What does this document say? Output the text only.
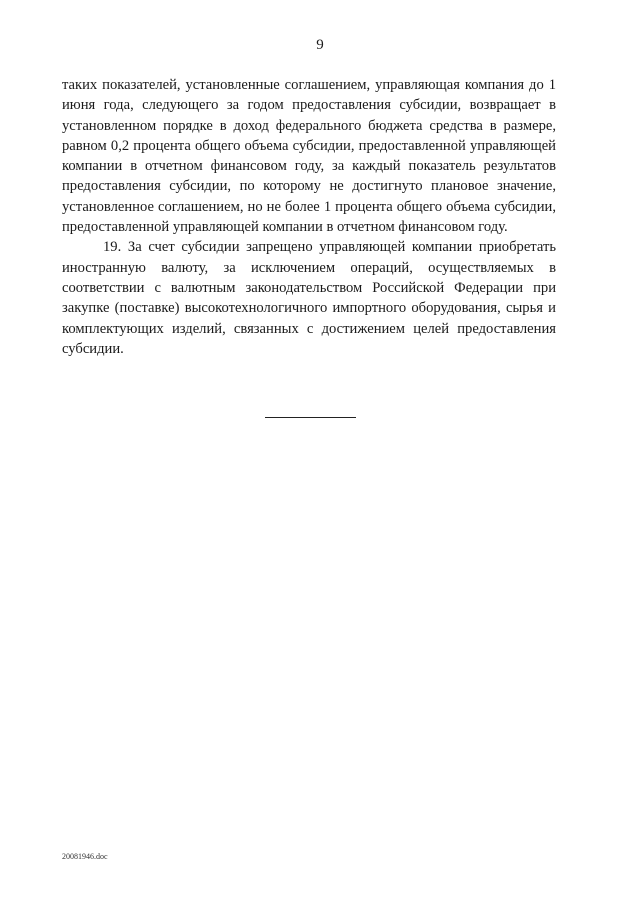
9

таких показателей, установленные соглашением, управляющая компания до 1 июня года, следующего за годом предоставления субсидии, возвращает в установленном порядке в доход федерального бюджета средства в размере, равном 0,2 процента общего объема субсидии, предоставленной управляющей компании в отчетном финансовом году, за каждый показатель результатов предоставления субсидии, по которому не достигнуто плановое значение, установленное соглашением, но не более 1 процента общего объема субсидии, предоставленной управляющей компании в отчетном финансовом году.

19. За счет субсидии запрещено управляющей компании приобретать иностранную валюту, за исключением операций, осуществляемых в соответствии с валютным законодательством Российской Федерации при закупке (поставке) высокотехнологичного импортного оборудования, сырья и комплектующих изделий, связанных с достижением целей предоставления субсидии.

20081946.doc
